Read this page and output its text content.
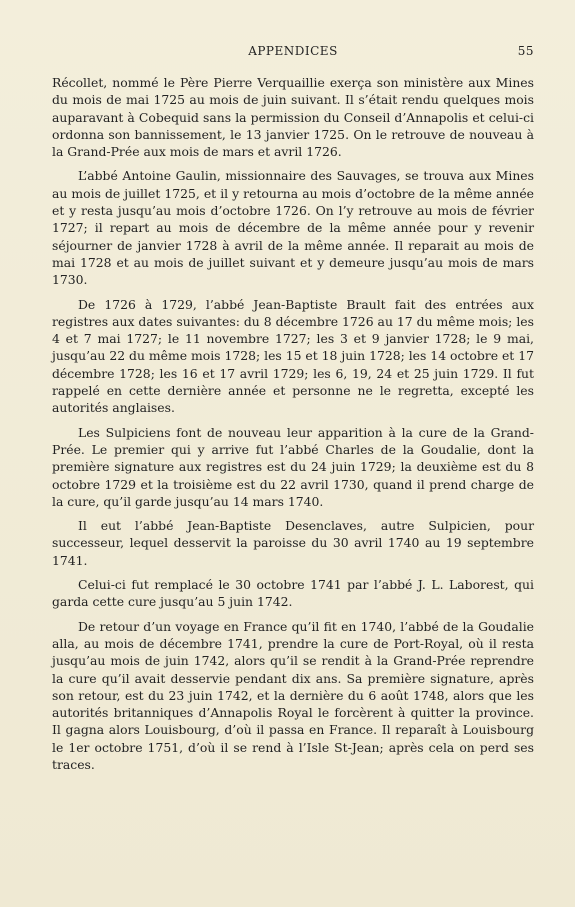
APPENDICES	55

Récollet, nommé le Père Pierre Verquaillie exerça son ministère aux Mines du mois de mai 1725 au mois de juin suivant. Il s’était rendu quelques mois auparavant à Cobequid sans la permission du Conseil d’Annapolis et celui-ci ordonna son bannissement, le 13 janvier 1725. On le retrouve de nouveau à la Grand-Prée aux mois de mars et avril 1726.

L’abbé Antoine Gaulin, missionnaire des Sauvages, se trouva aux Mines au mois de juillet 1725, et il y retourna au mois d’octobre de la même année et y resta jusqu’au mois d’octobre 1726. On l’y retrouve au mois de février 1727; il repart au mois de décembre de la même année pour y revenir séjourner de janvier 1728 à avril de la même année. Il reparait au mois de mai 1728 et au mois de juillet suivant et y demeure jusqu’au mois de mars 1730.

De 1726 à 1729, l’abbé Jean-Baptiste Brault fait des entrées aux registres aux dates suivantes: du 8 décembre 1726 au 17 du même mois; les 4 et 7 mai 1727; le 11 novembre 1727; les 3 et 9 janvier 1728; le 9 mai, jusqu’au 22 du même mois 1728; les 15 et 18 juin 1728; les 14 octobre et 17 décembre 1728; les 16 et 17 avril 1729; les 6, 19, 24 et 25 juin 1729. Il fut rappelé en cette dernière année et personne ne le regretta, excepté les autorités anglaises.

Les Sulpiciens font de nouveau leur apparition à la cure de la Grand-Prée. Le premier qui y arrive fut l’abbé Charles de la Goudalie, dont la première signature aux registres est du 24 juin 1729; la deuxième est du 8 octobre 1729 et la troisième est du 22 avril 1730, quand il prend charge de la cure, qu’il garde jusqu’au 14 mars 1740.

Il eut l’abbé Jean-Baptiste Desenclaves, autre Sulpicien, pour successeur, lequel desservit la paroisse du 30 avril 1740 au 19 septembre 1741.

Celui-ci fut remplacé le 30 octobre 1741 par l’abbé J. L. Laborest, qui garda cette cure jusqu’au 5 juin 1742.

De retour d’un voyage en France qu’il fit en 1740, l’abbé de la Goudalie alla, au mois de décembre 1741, prendre la cure de Port-Royal, où il resta jusqu’au mois de juin 1742, alors qu’il se rendit à la Grand-Prée reprendre la cure qu’il avait desservie pendant dix ans. Sa première signature, après son retour, est du 23 juin 1742, et la dernière du 6 août 1748, alors que les autorités britanniques d’Annapolis Royal le forcèrent à quitter la province. Il gagna alors Louisbourg, d’où il passa en France. Il reparaît à Louisbourg le 1er octobre 1751, d’où il se rend à l’Isle St-Jean; après cela on perd ses traces.
